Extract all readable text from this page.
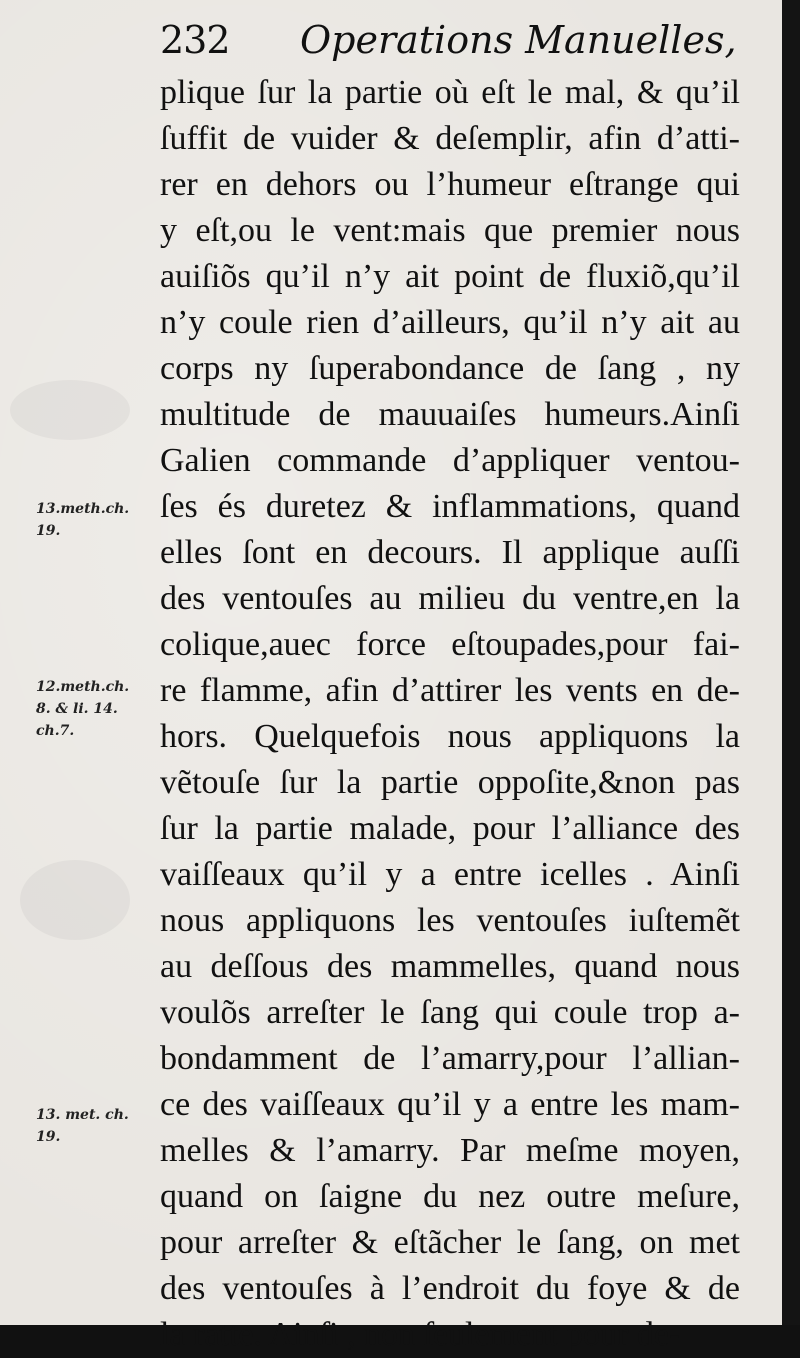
232 Operations Manuelles,
plique ſur la partie où eſt le mal, & qu’il
ſuffit de vuider & deſemplir, afin d’atti-
rer en dehors ou l’humeur eſtrange qui
y eſt,ou le vent:mais que premier nous
auiſiõs qu’il n’y ait point de fluxiõ,qu’il
n’y coule rien d’ailleurs, qu’il n’y ait au
corps ny ſuperabondance de ſang , ny
multitude de mauuaiſes humeurs.Ainſi
Galien commande d’appliquer ventou-
ſes és duretez & inflammations, quand
elles ſont en decours. Il applique auſſi
des ventouſes au milieu du ventre,en la
colique,auec force eſtoupades,pour fai-
re flamme, afin d’attirer les vents en de-
hors. Quelquefois nous appliquons la
vẽtouſe ſur la partie oppoſite,&non pas
ſur la partie malade, pour l’alliance des
vaiſſeaux qu’il y a entre icelles . Ainſi
nous appliquons les ventouſes iuſtemẽt
au deſſous des mammelles, quand nous
voulõs arreſter le ſang qui coule trop a-
bondamment de l’amarry,pour l’allian-
ce des vaiſſeaux qu’il y a entre les mam-
melles & l’amarry. Par meſme moyen,
quand on ſaigne du nez outre meſure,
pour arreſter & eſtãcher le ſang, on met
des ventouſes à l’endroit du foye & de
la ratte. Ainſi , non ſeulement pour de-
13.meth.ch.
19.
12.meth.ch.
8. & li. 14.
ch.7.
13. met. ch.
19.
